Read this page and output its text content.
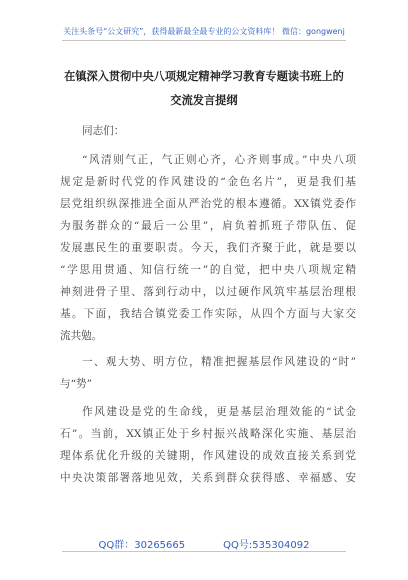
关注头条号“公文研究”，获得最新最全最专业的公文资料库！ 微信：gongwenj
在镇深入贯彻中央八项规定精神学习教育专题读书班上的
交流发言提纲
同志们：
“风清则气正，气正则心齐，心齐则事成。”中央八项
规定是新时代党的作风建设的“金色名片”，更是我们基
层党组织纵深推进全面从严治党的根本遵循。XX镇党委作
为服务群众的“最后一公里”，肩负着抓班子带队伍、促
发展惠民生的重要职责。今天，我们齐聚于此，就是要以
“学思用贯通、知信行统一”的自觉，把中央八项规定精
神刻进骨子里、落到行动中，以过硬作风筑牢基层治理根
基。下面，我结合镇党委工作实际，从四个方面与大家交
流共勉。
一、观大势、明方位，精准把握基层作风建设的“时”
与“势”
作风建设是党的生命线，更是基层治理效能的“试金
石”。当前，XX镇正处于乡村振兴战略深化实施、基层治
理体系优化升级的关键期，作风建设的成效直接关系到党
中央决策部署落地见效，关系到群众获得感、幸福感、安
QQ群：30265665	QQ号:535304092
